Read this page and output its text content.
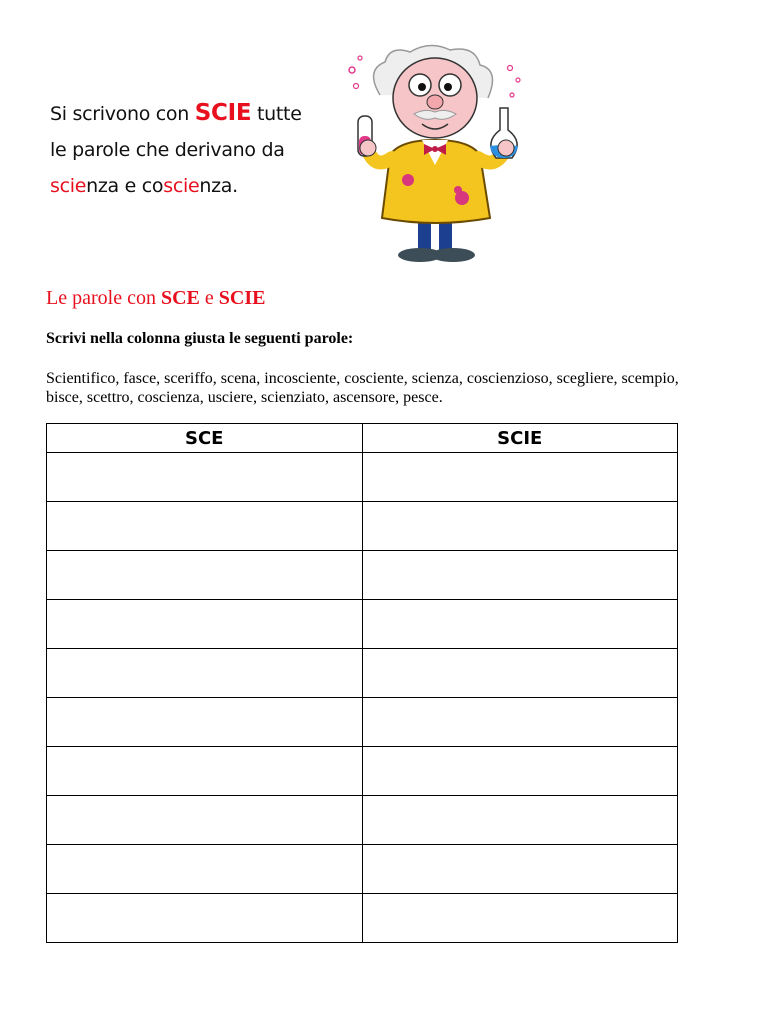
Si scrivono con SCIE tutte
le parole che derivano da
scienza e coscienza.
Le parole con SCE e SCIE
Scrivi nella colonna giusta le seguenti parole:
Scientifico, fasce, sceriffo, scena, incosciente, cosciente, scienza, coscienzioso, scegliere, scempio, bisce, scettro, coscienza, usciere, scienziato, ascensore, pesce.
SCE	SCIE
